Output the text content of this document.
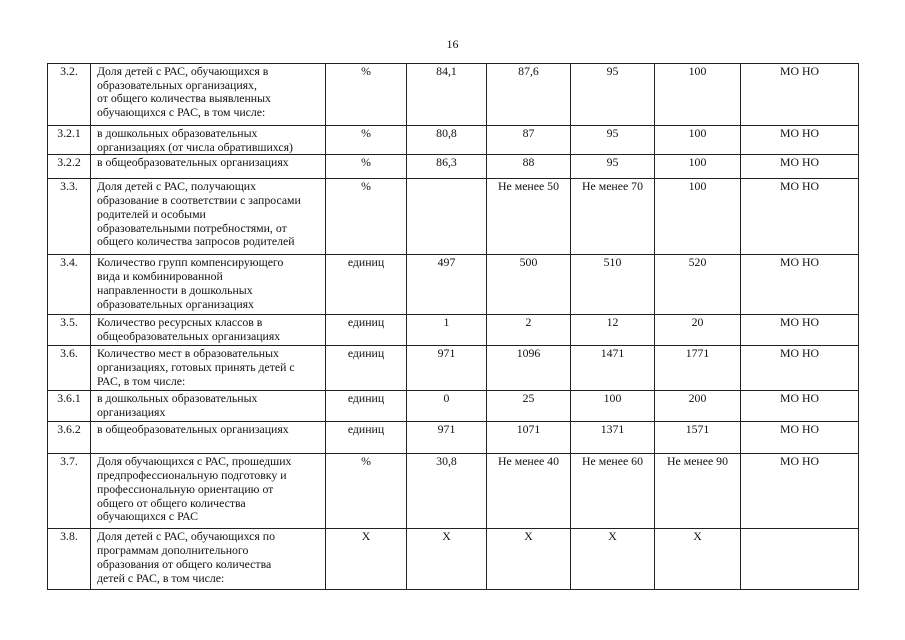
16
3.2.	Доля детей с РАС, обучающихся в
образовательных организациях,
от общего количества выявленных
обучающихся с РАС, в том числе:	%	84,1	87,6	95	100	МО НО
3.2.1	в дошкольных образовательных
организациях (от числа обратившихся)	%	80,8	87	95	100	МО НО
3.2.2	в общеобразовательных организациях	%	86,3	88	95	100	МО НО
3.3.	Доля детей с РАС, получающих
образование в соответствии с запросами
родителей и особыми
образовательными потребностями, от
общего количества запросов родителей	%		Не менее 50	Не менее 70	100	МО НО
3.4.	Количество групп компенсирующего
вида и комбинированной
направленности в дошкольных
образовательных организациях	единиц	497	500	510	520	МО НО
3.5.	Количество ресурсных классов в
общеобразовательных организациях	единиц	1	2	12	20	МО НО
3.6.	Количество мест в образовательных
организациях, готовых принять детей с
РАС, в том числе:	единиц	971	1096	1471	1771	МО НО
3.6.1	в дошкольных образовательных
организациях	единиц	0	25	100	200	МО НО
3.6.2	в общеобразовательных организациях	единиц	971	1071	1371	1571	МО НО
3.7.	Доля обучающихся с РАС, прошедших
предпрофессиональную подготовку и
профессиональную ориентацию от
общего от общего количества
обучающихся с РАС	%	30,8	Не менее 40	Не менее 60	Не менее 90	МО НО
3.8.	Доля детей с РАС, обучающихся по
программам дополнительного
образования от общего количества
детей с РАС, в том числе:	Х	Х	Х	Х	Х	
